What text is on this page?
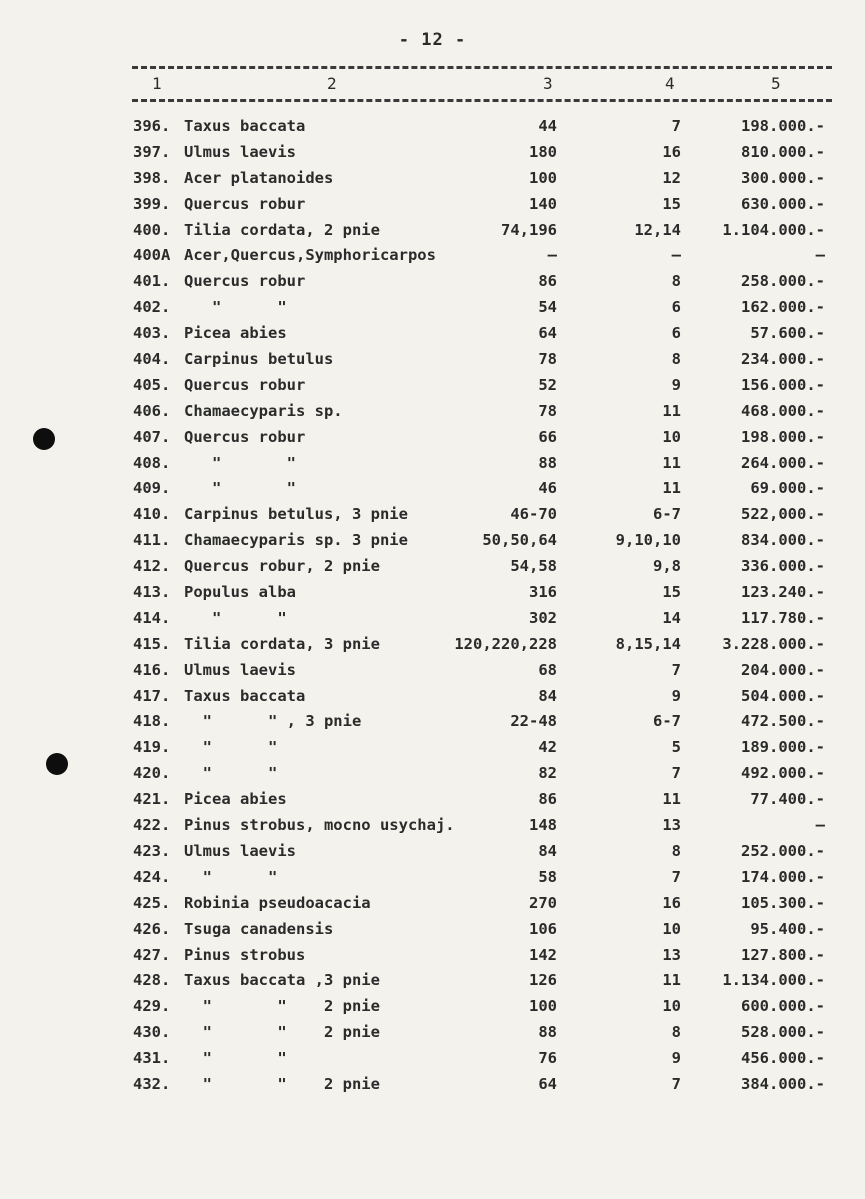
- 12 -
1	2	3	4	5
396. Taxus baccata	44	7	198.000.-
397. Ulmus laevis	180	16	810.000.-
398. Acer platanoides	100	12	300.000.-
399. Quercus robur	140	15	630.000.-
400. Tilia cordata, 2 pnie	74,196	12,14	1.104.000.-
400A Acer,Quercus,Symphoricarpos	—	—	—
401. Quercus robur	86	8	258.000.-
402. "      "	54	6	162.000.-
403. Picea abies	64	6	57.600.-
404. Carpinus betulus	78	8	234.000.-
405. Quercus robur	52	9	156.000.-
406. Chamaecyparis sp.	78	11	468.000.-
407. Quercus robur	66	10	198.000.-
408. "       "	88	11	264.000.-
409. "       "	46	11	69.000.-
410. Carpinus betulus, 3 pnie	46-70	6-7	522,000.-
411. Chamaecyparis sp. 3 pnie	50,50,64	9,10,10	834.000.-
412. Quercus robur, 2 pnie	54,58	9,8	336.000.-
413. Populus alba	316	15	123.240.-
414. "      "	302	14	117.780.-
415. Tilia cordata, 3 pnie	120,220,228	8,15,14	3.228.000.-
416. Ulmus laevis	68	7	204.000.-
417. Taxus baccata	84	9	504.000.-
418. "      " , 3 pnie	22-48	6-7	472.500.-
419. "      "	42	5	189.000.-
420. "      "	82	7	492.000.-
421. Picea abies	86	11	77.400.-
422. Pinus strobus, mocno usychaj.	148	13	—
423. Ulmus laevis	84	8	252.000.-
424. "      "	58	7	174.000.-
425. Robinia pseudoacacia	270	16	105.300.-
426. Tsuga canadensis	106	10	95.400.-
427. Pinus strobus	142	13	127.800.-
428. Taxus baccata ,3 pnie	126	11	1.134.000.-
429. "       "    2 pnie	100	10	600.000.-
430. "       "    2 pnie	88	8	528.000.-
431. "       "	76	9	456.000.-
432. "       "    2 pnie	64	7	384.000.-
